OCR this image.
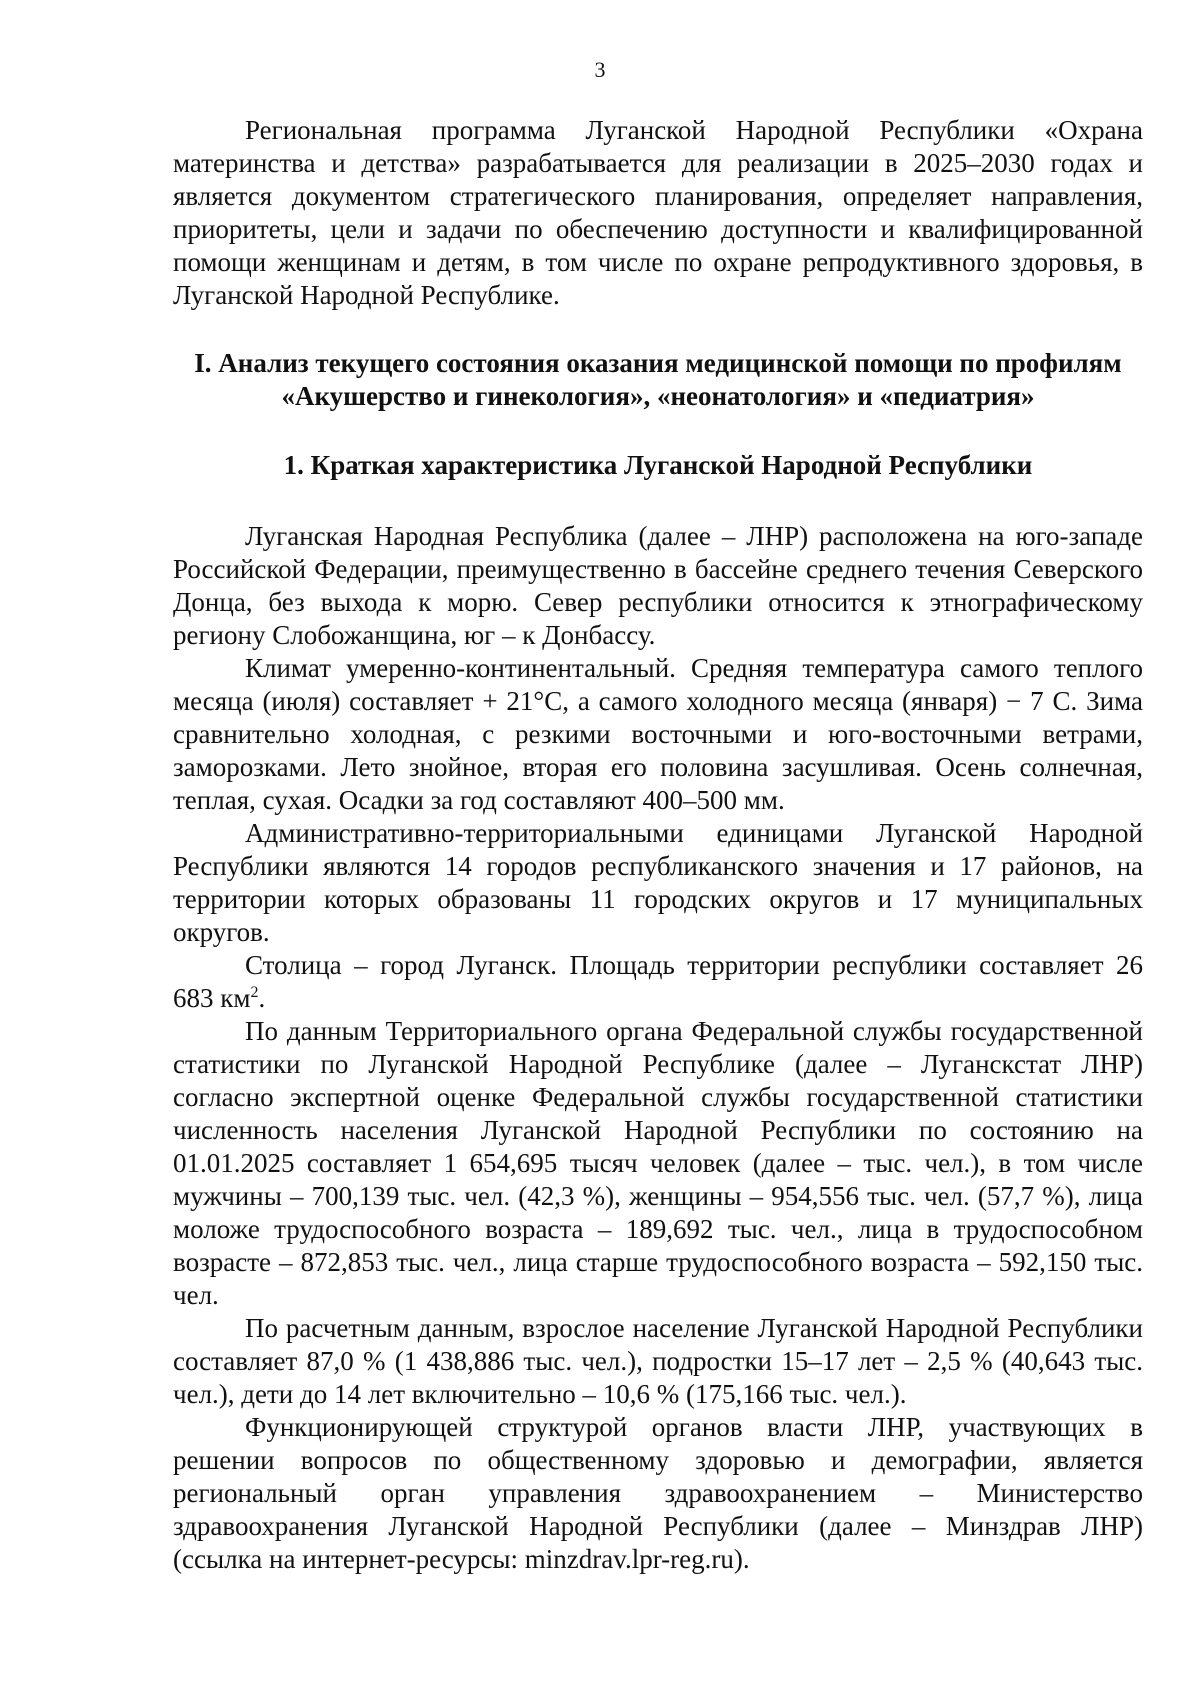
3

Региональная программа Луганской Народной Республики «Охрана материнства и детства» разрабатывается для реализации в 2025–2030 годах и является документом стратегического планирования, определяет направления, приоритеты, цели и задачи по обеспечению доступности и квалифицированной помощи женщинам и детям, в том числе по охране репродуктивного здоровья, в Луганской Народной Республике.

I. Анализ текущего состояния оказания медицинской помощи по профилям «Акушерство и гинекология», «неонатология» и «педиатрия»

1. Краткая характеристика Луганской Народной Республики

Луганская Народная Республика (далее – ЛНР) расположена на юго-западе Российской Федерации, преимущественно в бассейне среднего течения Северского Донца, без выхода к морю. Север республики относится к этнографическому региону Слобожанщина, юг – к Донбассу.

Климат умеренно-континентальный. Средняя температура самого теплого месяца (июля) составляет + 21°С, а самого холодного месяца (января) − 7 С. Зима сравнительно холодная, с резкими восточными и юго-восточными ветрами, заморозками. Лето знойное, вторая его половина засушливая. Осень солнечная, теплая, сухая. Осадки за год составляют 400–500 мм.

Административно-территориальными единицами Луганской Народной Республики являются 14 городов республиканского значения и 17 районов, на территории которых образованы 11 городских округов и 17 муниципальных округов.

Столица – город Луганск. Площадь территории республики составляет 26 683 $км^2$.

По данным Территориального органа Федеральной службы государственной статистики по Луганской Народной Республике (далее – Луганскстат ЛНР) согласно экспертной оценке Федеральной службы государственной статистики численность населения Луганской Народной Республики по состоянию на 01.01.2025 составляет 1 654,695 тысяч человек (далее – тыс. чел.), в том числе мужчины – 700,139 тыс. чел. (42,3 %), женщины – 954,556 тыс. чел. (57,7 %), лица моложе трудоспособного возраста – 189,692 тыс. чел., лица в трудоспособном возрасте – 872,853 тыс. чел., лица старше трудоспособного возраста – 592,150 тыс. чел.

По расчетным данным, взрослое население Луганской Народной Республики составляет 87,0 % (1 438,886 тыс. чел.), подростки 15–17 лет – 2,5 % (40,643 тыс. чел.), дети до 14 лет включительно – 10,6 % (175,166 тыс. чел.).

Функционирующей структурой органов власти ЛНР, участвующих в решении вопросов по общественному здоровью и демографии, является региональный орган управления здравоохранением – Министерство здравоохранения Луганской Народной Республики (далее – Минздрав ЛНР) (ссылка на интернет-ресурсы: minzdrav.lpr-reg.ru).
